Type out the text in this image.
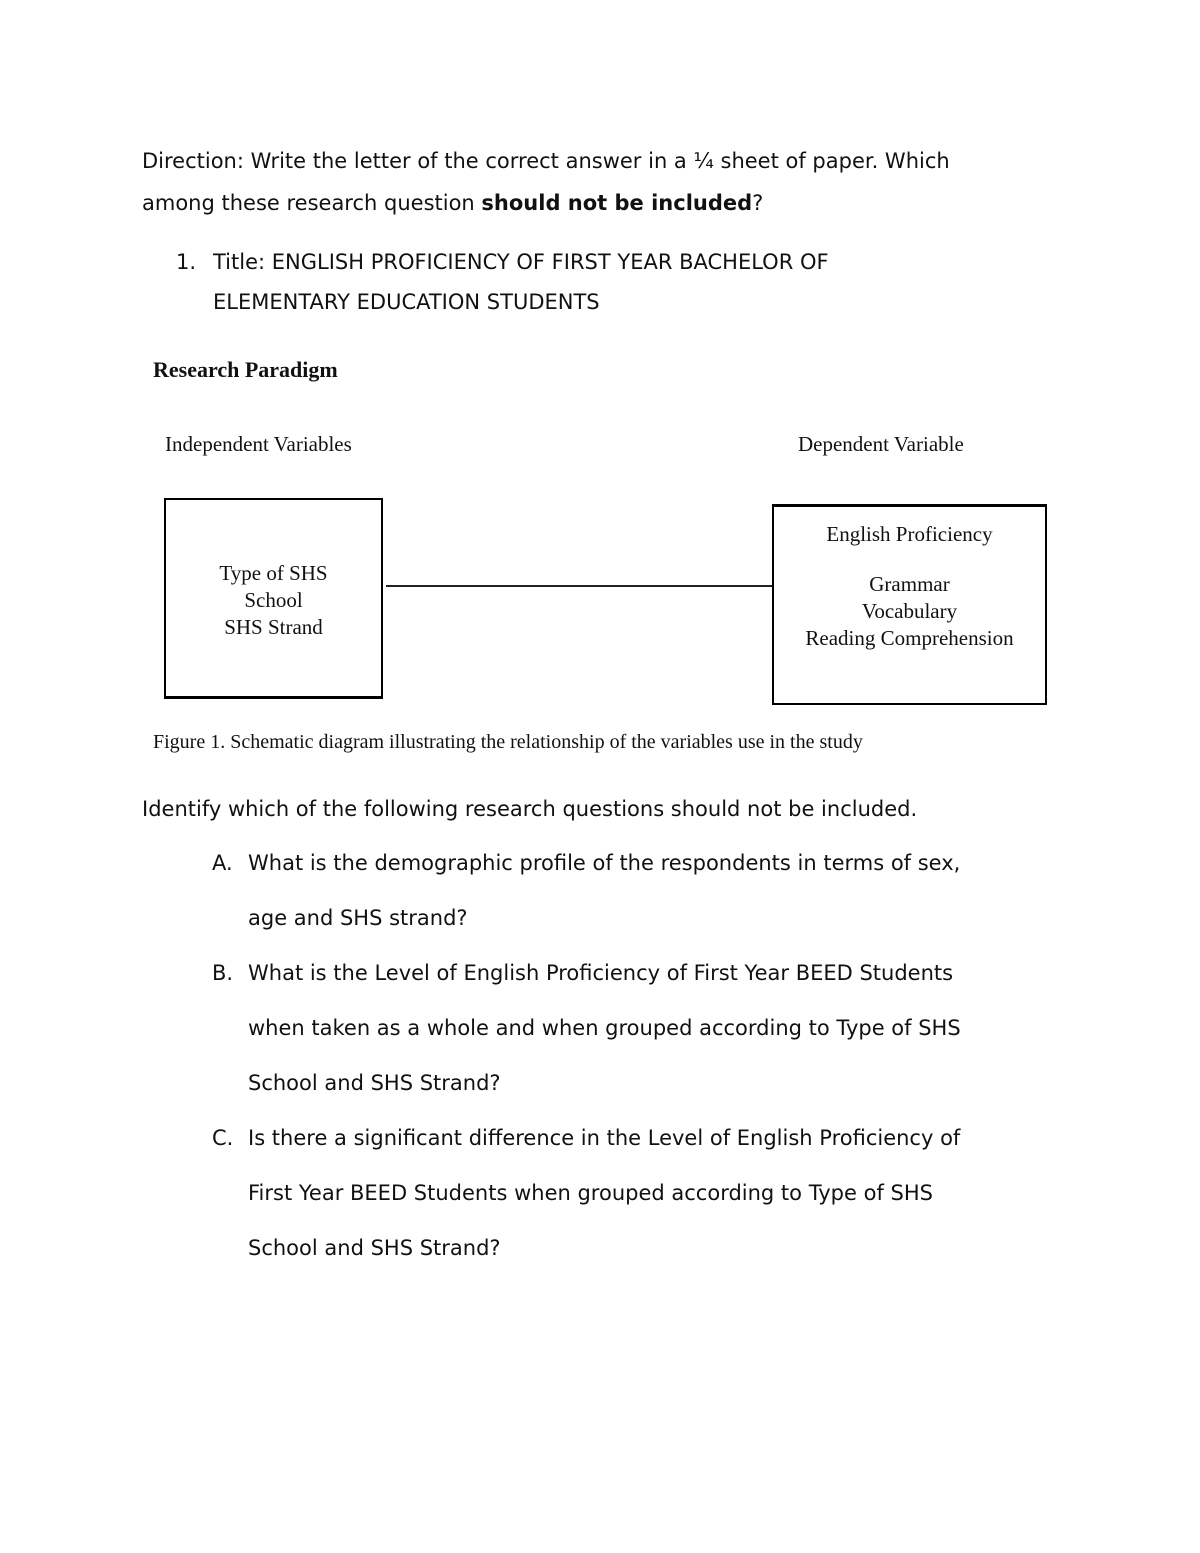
Direction: Write the letter of the correct answer in a ¼ sheet of paper. Which
among these research question should not be included?
1. Title: ENGLISH PROFICIENCY OF FIRST YEAR BACHELOR OF
ELEMENTARY EDUCATION STUDENTS
Research Paradigm
Independent Variables	Dependent Variable
Type of SHS
School
SHS Strand
English Proficiency
Grammar
Vocabulary
Reading Comprehension
Figure 1. Schematic diagram illustrating the relationship of the variables use in the study
Identify which of the following research questions should not be included.
A. What is the demographic profile of the respondents in terms of sex,
age and SHS strand?
B. What is the Level of English Proficiency of First Year BEED Students
when taken as a whole and when grouped according to Type of SHS
School and SHS Strand?
C. Is there a significant difference in the Level of English Proficiency of
First Year BEED Students when grouped according to Type of SHS
School and SHS Strand?
